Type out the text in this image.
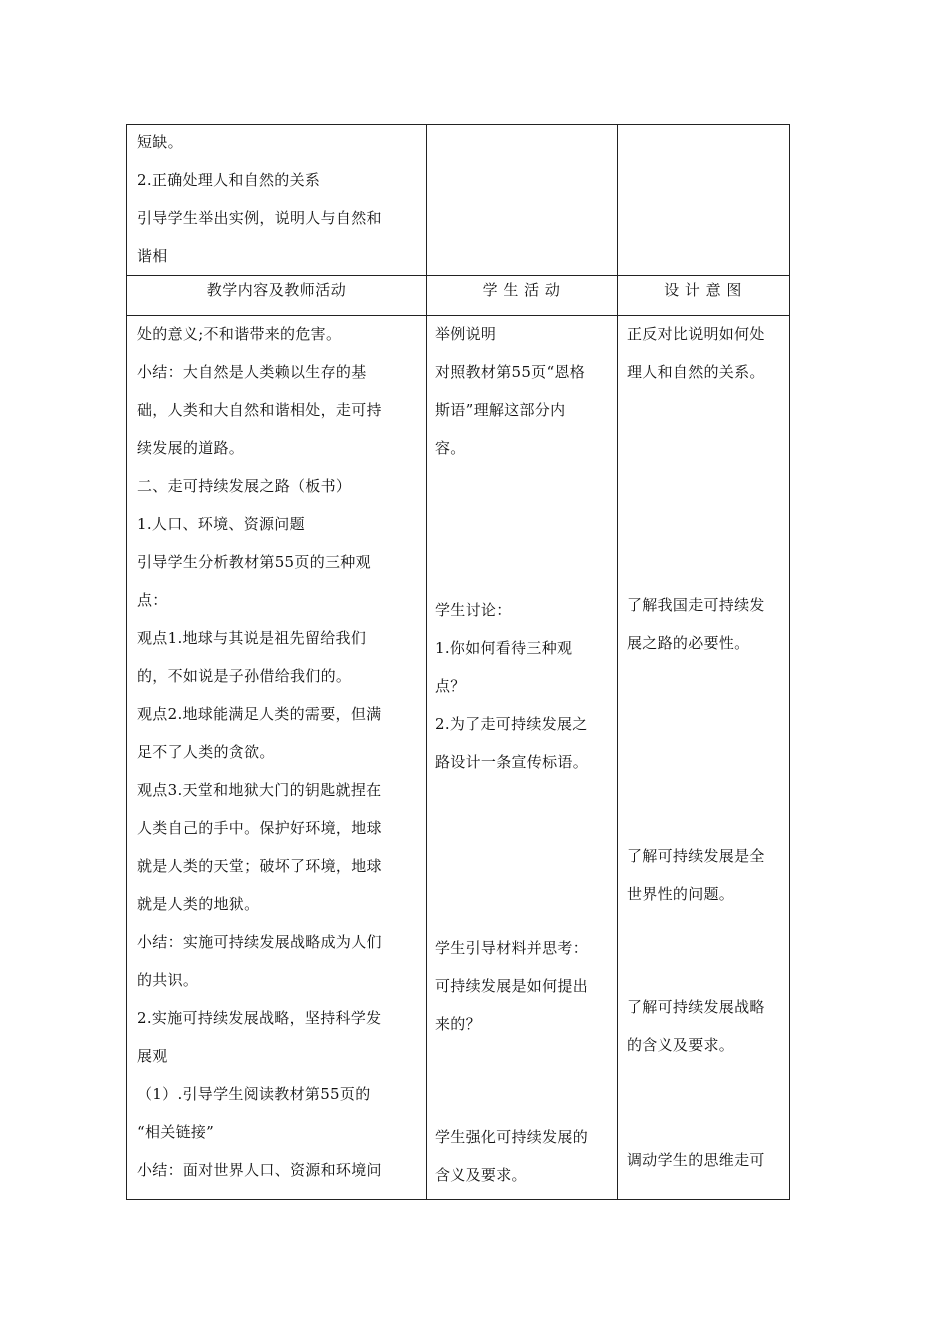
短缺。

2.正确处理人和自然的关系

引导学生举出实例，说明人与自然和

谐相

教学内容及教师活动	学 生 活 动	设 计 意 图

处的意义;不和谐带来的危害。

小结：大自然是人类赖以生存的基

础，人类和大自然和谐相处，走可持

续发展的道路。

二、走可持续发展之路（板书）

1.人口、环境、资源问题

引导学生分析教材第55页的三种观

点：

观点1.地球与其说是祖先留给我们

的，不如说是子孙借给我们的。

观点2.地球能满足人类的需要，但满

足不了人类的贪欲。

观点3.天堂和地狱大门的钥匙就捏在

人类自己的手中。保护好环境，地球

就是人类的天堂；破坏了环境，地球

就是人类的地狱。

小结：实施可持续发展战略成为人们

的共识。

2.实施可持续发展战略，坚持科学发

展观

（1）.引导学生阅读教材第55页的

“相关链接”

小结：面对世界人口、资源和环境问

举例说明

对照教材第55页“恩格

斯语”理解这部分内

容。

学生讨论：

1.你如何看待三种观

点？

2.为了走可持续发展之

路设计一条宣传标语。

学生引导材料并思考：

可持续发展是如何提出

来的？

学生强化可持续发展的

含义及要求。

正反对比说明如何处

理人和自然的关系。

了解我国走可持续发

展之路的必要性。

了解可持续发展是全

世界性的问题。

了解可持续发展战略

的含义及要求。

调动学生的思维走可
